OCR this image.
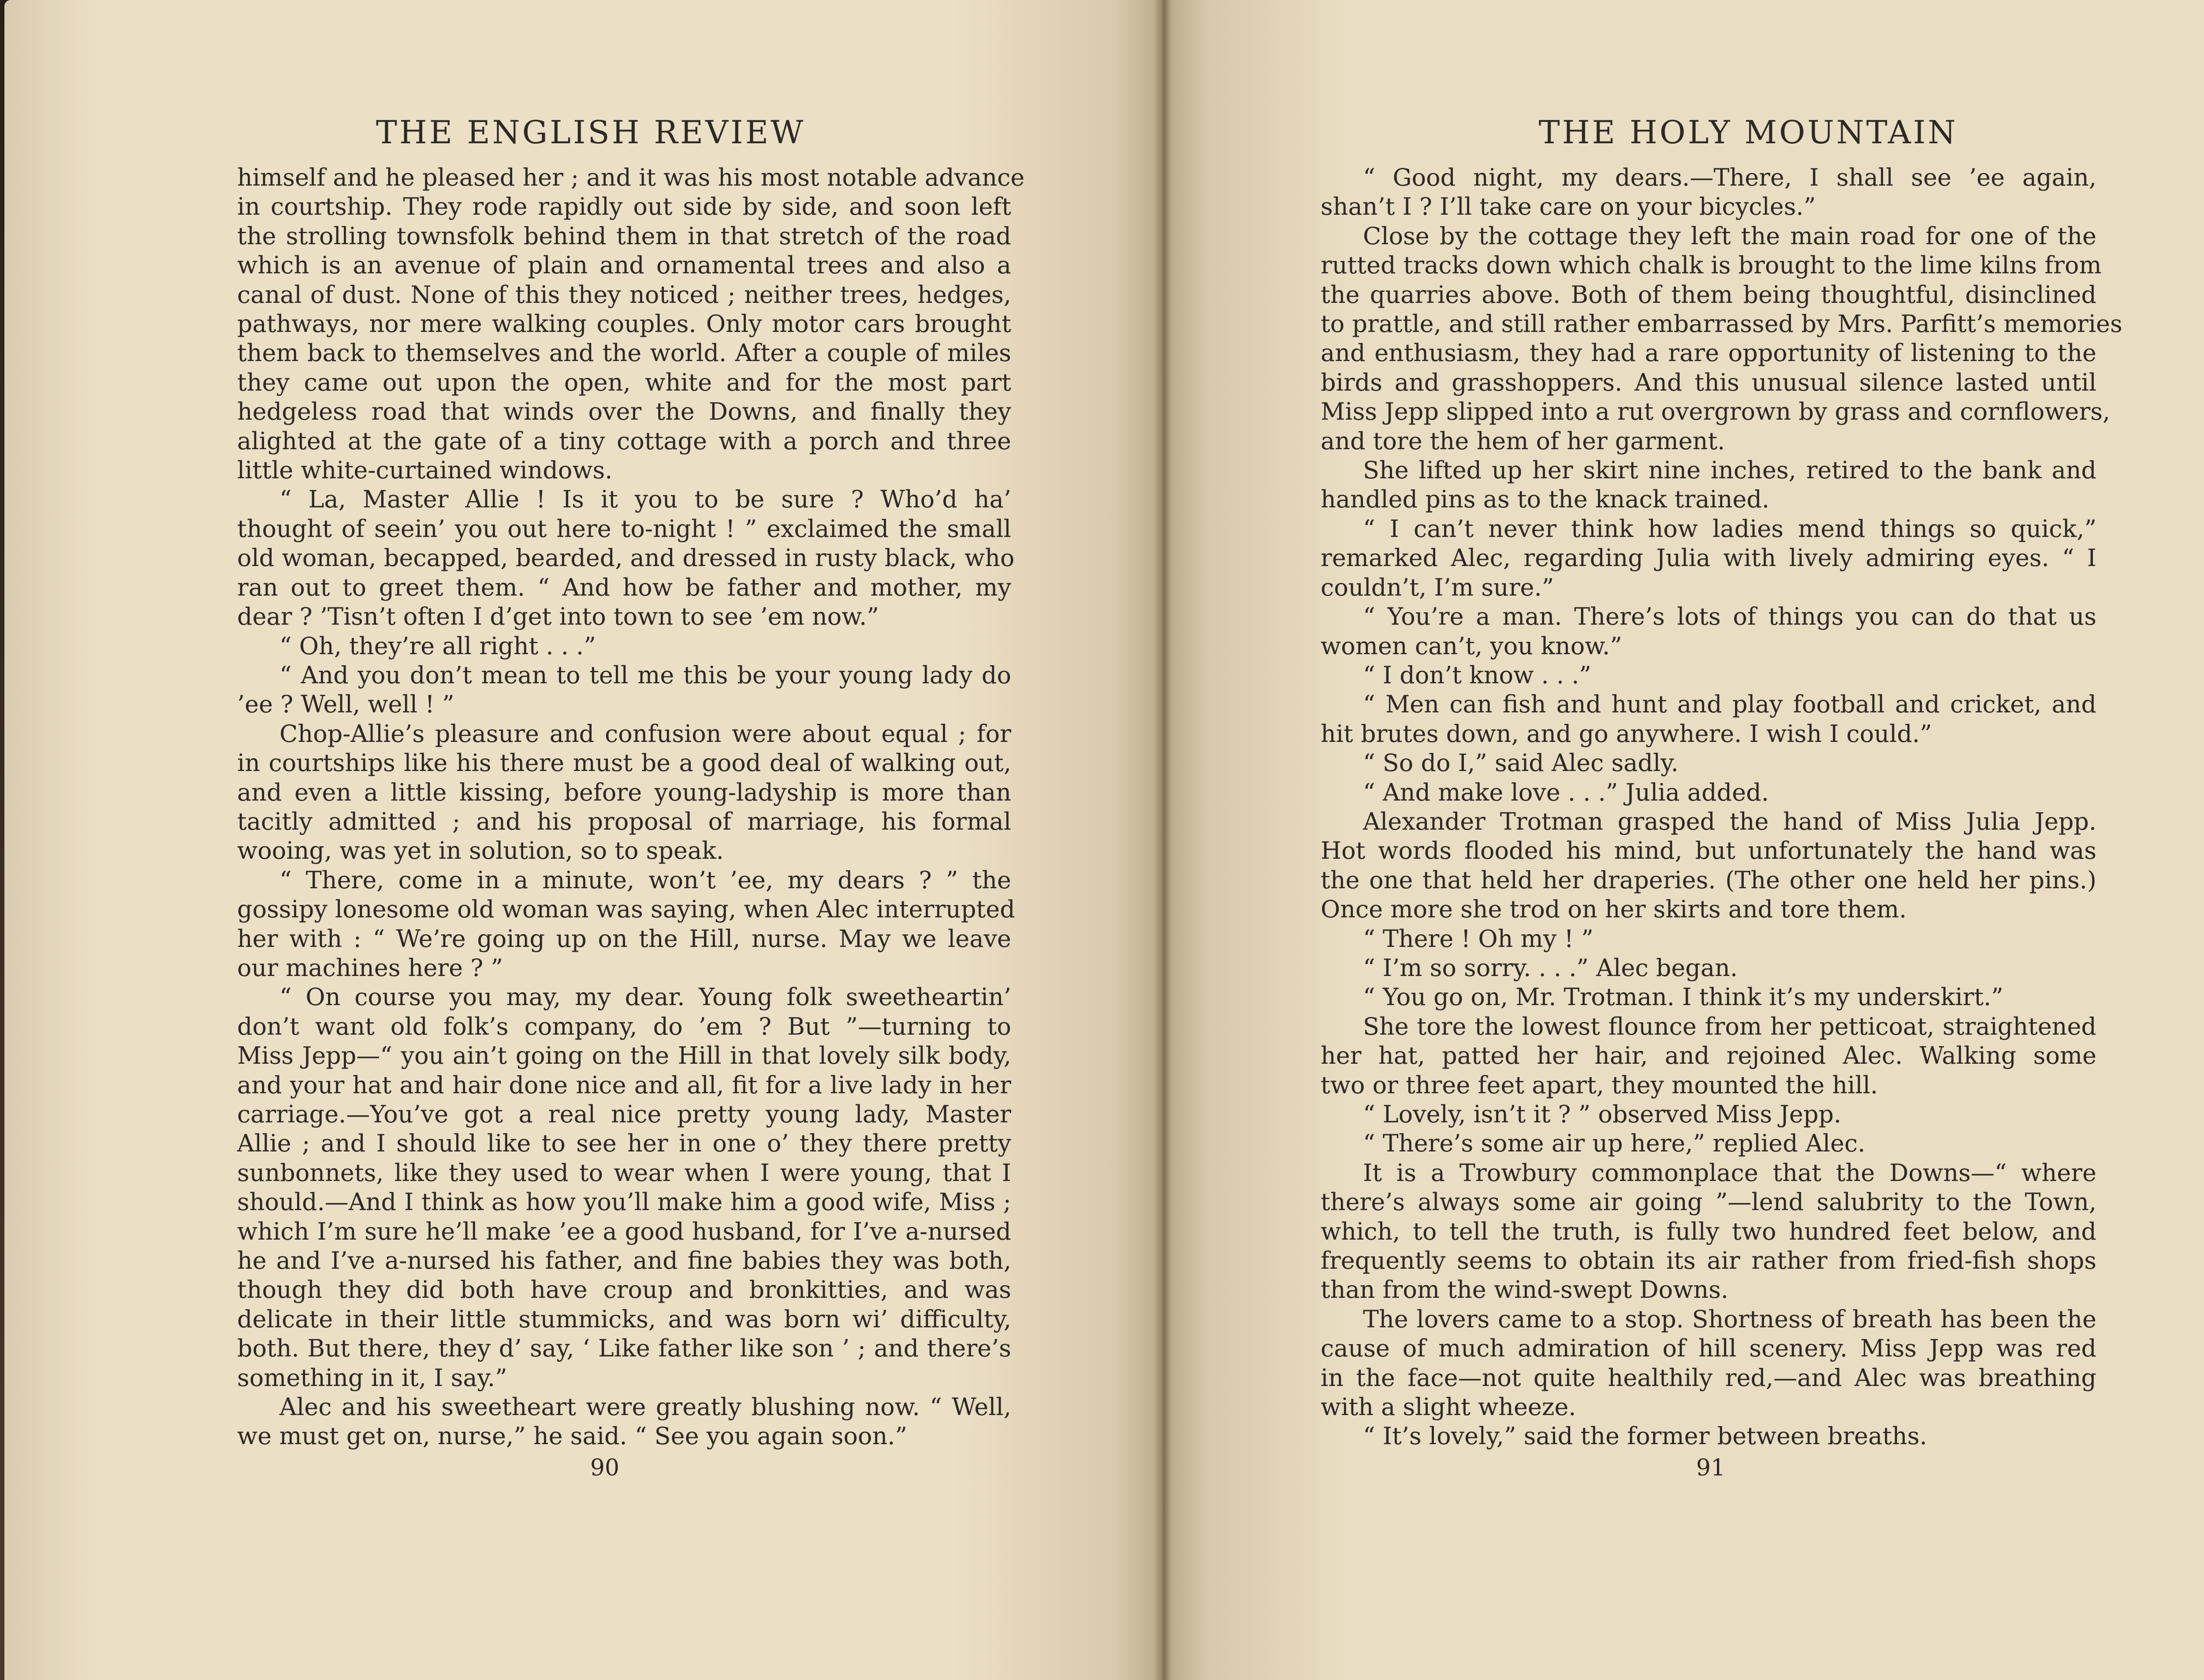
THE ENGLISH REVIEW
himself and he pleased her ; and it was his most notable advance
in courtship. They rode rapidly out side by side, and soon left
the strolling townsfolk behind them in that stretch of the road
which is an avenue of plain and ornamental trees and also a
canal of dust. None of this they noticed ; neither trees, hedges,
pathways, nor mere walking couples. Only motor cars brought
them back to themselves and the world. After a couple of miles
they came out upon the open, white and for the most part
hedgeless road that winds over the Downs, and finally they
alighted at the gate of a tiny cottage with a porch and three
little white-curtained windows.
“ La, Master Allie ! Is it you to be sure ? Who’d ha’
thought of seein’ you out here to-night ! ” exclaimed the small
old woman, becapped, bearded, and dressed in rusty black, who
ran out to greet them. “ And how be father and mother, my
dear ? ’Tisn’t often I d’get into town to see ’em now.”
“ Oh, they’re all right . . .”
“ And you don’t mean to tell me this be your young lady do
’ee ? Well, well ! ”
Chop-Allie’s pleasure and confusion were about equal ; for
in courtships like his there must be a good deal of walking out,
and even a little kissing, before young-ladyship is more than
tacitly admitted ; and his proposal of marriage, his formal
wooing, was yet in solution, so to speak.
“ There, come in a minute, won’t ’ee, my dears ? ” the
gossipy lonesome old woman was saying, when Alec interrupted
her with : “ We’re going up on the Hill, nurse. May we leave
our machines here ? ”
“ On course you may, my dear. Young folk sweetheartin’
don’t want old folk’s company, do ’em ? But ”—turning to
Miss Jepp—“ you ain’t going on the Hill in that lovely silk body,
and your hat and hair done nice and all, fit for a live lady in her
carriage.—You’ve got a real nice pretty young lady, Master
Allie ; and I should like to see her in one o’ they there pretty
sunbonnets, like they used to wear when I were young, that I
should.—And I think as how you’ll make him a good wife, Miss ;
which I’m sure he’ll make ’ee a good husband, for I’ve a-nursed
he and I’ve a-nursed his father, and fine babies they was both,
though they did both have croup and bronkitties, and was
delicate in their little stummicks, and was born wi’ difficulty,
both. But there, they d’ say, ‘ Like father like son ’ ; and there’s
something in it, I say.”
Alec and his sweetheart were greatly blushing now. “ Well,
we must get on, nurse,” he said. “ See you again soon.”
90
THE HOLY MOUNTAIN
“ Good night, my dears.—There, I shall see ’ee again,
shan’t I ? I’ll take care on your bicycles.”
Close by the cottage they left the main road for one of the
rutted tracks down which chalk is brought to the lime kilns from
the quarries above. Both of them being thoughtful, disinclined
to prattle, and still rather embarrassed by Mrs. Parfitt’s memories
and enthusiasm, they had a rare opportunity of listening to the
birds and grasshoppers. And this unusual silence lasted until
Miss Jepp slipped into a rut overgrown by grass and cornflowers,
and tore the hem of her garment.
She lifted up her skirt nine inches, retired to the bank and
handled pins as to the knack trained.
“ I can’t never think how ladies mend things so quick,”
remarked Alec, regarding Julia with lively admiring eyes. “ I
couldn’t, I’m sure.”
“ You’re a man. There’s lots of things you can do that us
women can’t, you know.”
“ I don’t know . . .”
“ Men can fish and hunt and play football and cricket, and
hit brutes down, and go anywhere. I wish I could.”
“ So do I,” said Alec sadly.
“ And make love . . .” Julia added.
Alexander Trotman grasped the hand of Miss Julia Jepp.
Hot words flooded his mind, but unfortunately the hand was
the one that held her draperies. (The other one held her pins.)
Once more she trod on her skirts and tore them.
“ There ! Oh my ! ”
“ I’m so sorry. . . .” Alec began.
“ You go on, Mr. Trotman. I think it’s my underskirt.”
She tore the lowest flounce from her petticoat, straightened
her hat, patted her hair, and rejoined Alec. Walking some
two or three feet apart, they mounted the hill.
“ Lovely, isn’t it ? ” observed Miss Jepp.
“ There’s some air up here,” replied Alec.
It is a Trowbury commonplace that the Downs—“ where
there’s always some air going ”—lend salubrity to the Town,
which, to tell the truth, is fully two hundred feet below, and
frequently seems to obtain its air rather from fried-fish shops
than from the wind-swept Downs.
The lovers came to a stop. Shortness of breath has been the
cause of much admiration of hill scenery. Miss Jepp was red
in the face—not quite healthily red,—and Alec was breathing
with a slight wheeze.
“ It’s lovely,” said the former between breaths.
91
